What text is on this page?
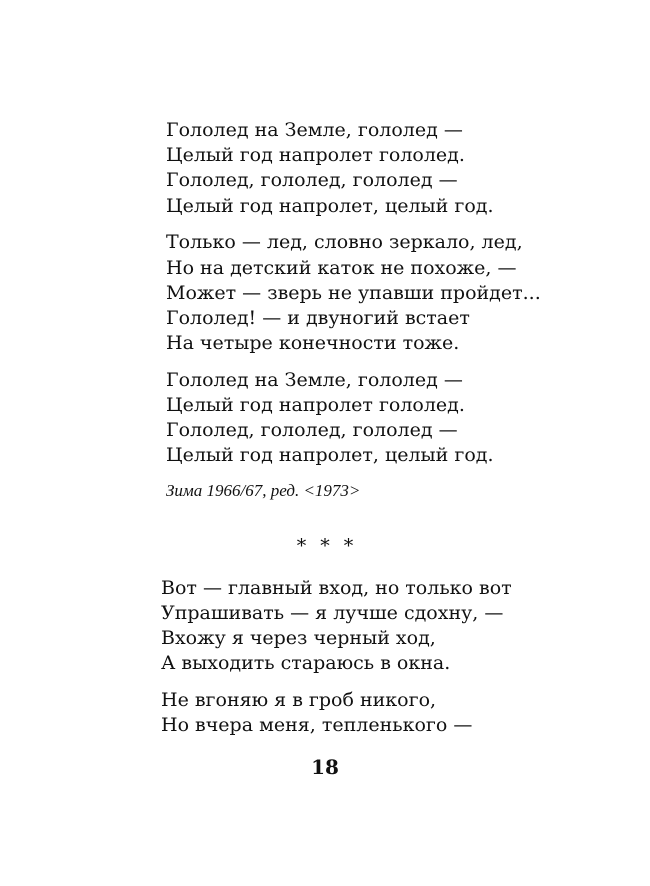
Гололед на Земле, гололед —
Целый год напролет гололед.
Гололед, гололед, гололед —
Целый год напролет, целый год.
Только — лед, словно зеркало, лед,
Но на детский каток не похоже, —
Может — зверь не упавши пройдет...
Гололед! — и двуногий встает
На четыре конечности тоже.
Гололед на Земле, гололед —
Целый год напролет гололед.
Гололед, гололед, гололед —
Целый год напролет, целый год.
Зима 1966/67, ред. <1973>
* * *
Вот — главный вход, но только вот
Упрашивать — я лучше сдохну, —
Вхожу я через черный ход,
А выходить стараюсь в окна.
Не вгоняю я в гроб никого,
Но вчера меня, тепленького —
18
